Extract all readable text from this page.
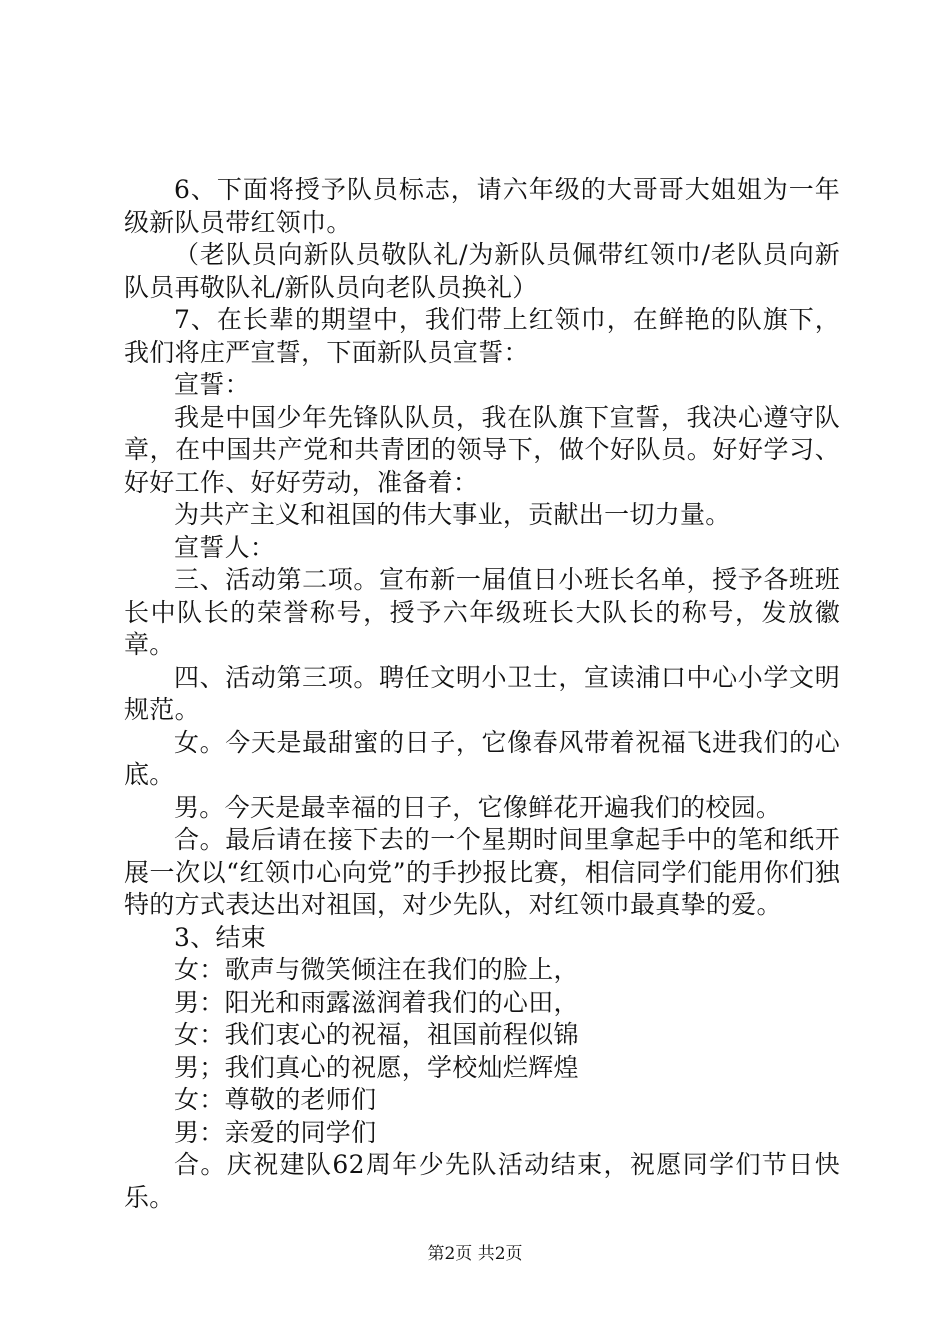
6、下面将授予队员标志，请六年级的大哥哥大姐姐为一年级新队员带红领巾。

（老队员向新队员敬队礼/为新队员佩带红领巾/老队员向新队员再敬队礼/新队员向老队员换礼）

7、在长辈的期望中，我们带上红领巾，在鲜艳的队旗下，我们将庄严宣誓，下面新队员宣誓：

宣誓：

我是中国少年先锋队队员，我在队旗下宣誓，我决心遵守队章，在中国共产党和共青团的领导下，做个好队员。好好学习、好好工作、好好劳动，准备着：

为共产主义和祖国的伟大事业，贡献出一切力量。

宣誓人：

三、活动第二项。宣布新一届值日小班长名单，授予各班班长中队长的荣誉称号，授予六年级班长大队长的称号，发放徽章。

四、活动第三项。聘任文明小卫士，宣读浦口中心小学文明规范。

女。今天是最甜蜜的日子，它像春风带着祝福飞进我们的心底。

男。今天是最幸福的日子，它像鲜花开遍我们的校园。

合。最后请在接下去的一个星期时间里拿起手中的笔和纸开展一次以“红领巾心向党”的手抄报比赛，相信同学们能用你们独特的方式表达出对祖国，对少先队，对红领巾最真挚的爱。

3、结束

女：歌声与微笑倾注在我们的脸上，

男：阳光和雨露滋润着我们的心田，

女：我们衷心的祝福，祖国前程似锦

男；我们真心的祝愿，学校灿烂辉煌

女：尊敬的老师们

男：亲爱的同学们

合。庆祝建队62周年少先队活动结束，祝愿同学们节日快乐。

第2页 共2页
